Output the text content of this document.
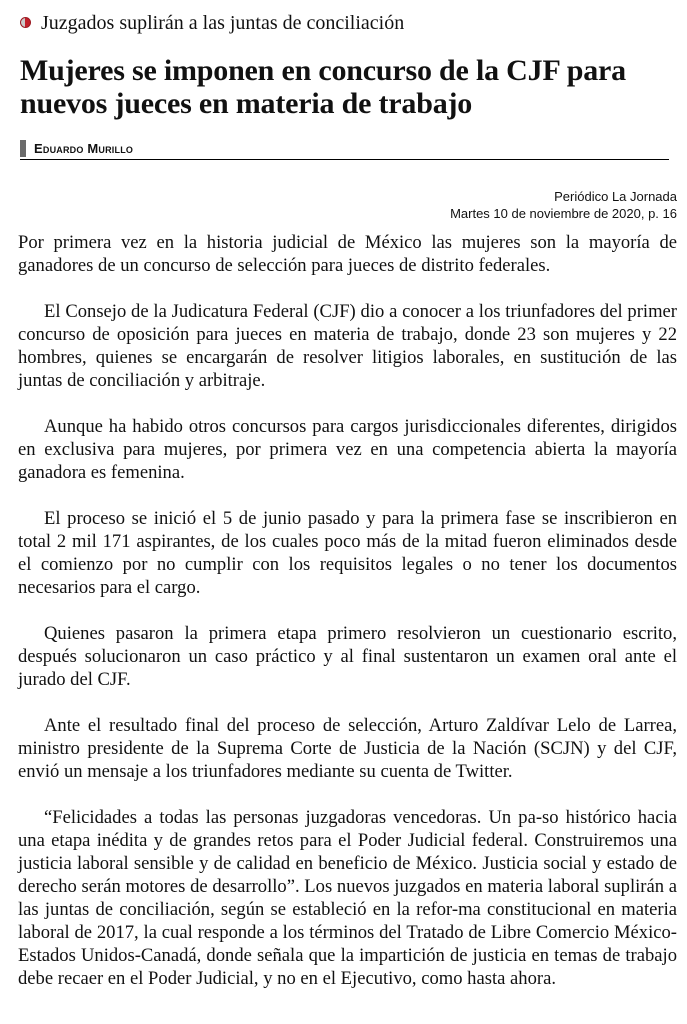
Juzgados suplirán a las juntas de conciliación
Mujeres se imponen en concurso de la CJF para nuevos jueces en materia de trabajo
Eduardo Murillo
Periódico La Jornada
Martes 10 de noviembre de 2020, p. 16

Por primera vez en la historia judicial de México las mujeres son la mayoría de ganadores de un concurso de selección para jueces de distrito federales.

El Consejo de la Judicatura Federal (CJF) dio a conocer a los triunfadores del primer concurso de oposición para jueces en materia de trabajo, donde 23 son mujeres y 22 hombres, quienes se encargarán de resolver litigios laborales, en sustitución de las juntas de conciliación y arbitraje.

Aunque ha habido otros concursos para cargos jurisdiccionales diferentes, dirigidos en exclusiva para mujeres, por primera vez en una competencia abierta la mayoría ganadora es femenina.

El proceso se inició el 5 de junio pasado y para la primera fase se inscribieron en total 2 mil 171 aspirantes, de los cuales poco más de la mitad fueron eliminados desde el comienzo por no cumplir con los requisitos legales o no tener los documentos necesarios para el cargo.

Quienes pasaron la primera etapa primero resolvieron un cuestionario escrito, después solucionaron un caso práctico y al final sustentaron un examen oral ante el jurado del CJF.

Ante el resultado final del proceso de selección, Arturo Zaldívar Lelo de Larrea, ministro presidente de la Suprema Corte de Justicia de la Nación (SCJN) y del CJF, envió un mensaje a los triunfadores mediante su cuenta de Twitter.

“Felicidades a todas las personas juzgadoras vencedoras. Un pa-so histórico hacia una etapa inédita y de grandes retos para el Poder Judicial federal. Construiremos una justicia laboral sensible y de calidad en beneficio de México. Justicia social y estado de derecho serán motores de desarrollo”. Los nuevos juzgados en materia laboral suplirán a las juntas de conciliación, según se estableció en la refor-ma constitucional en materia laboral de 2017, la cual responde a los términos del Tratado de Libre Comercio México-Estados Unidos-Canadá, donde señala que la impartición de justicia en temas de trabajo debe recaer en el Poder Judicial, y no en el Ejecutivo, como hasta ahora.
